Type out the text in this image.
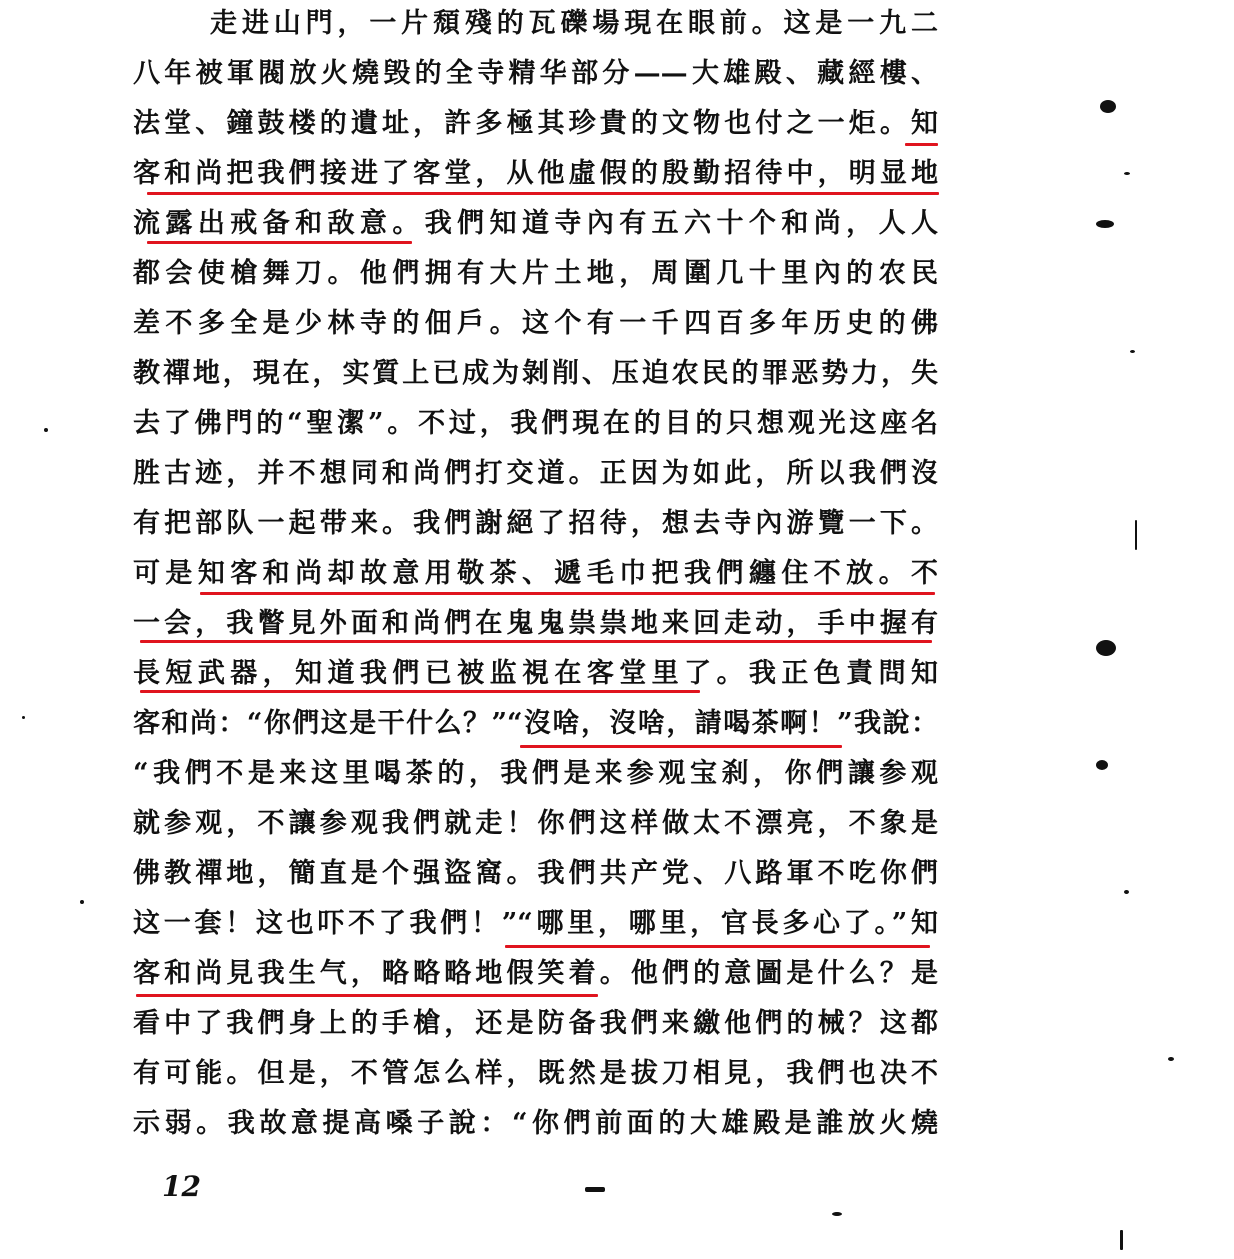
走进山門，一片頹殘的瓦礫場現在眼前。这是一九二
八年被軍閥放火燒毁的全寺精华部分——大雄殿、藏經樓、
法堂、鐘鼓楼的遺址，許多極其珍貴的文物也付之一炬。知
客和尚把我們接进了客堂，从他虛假的殷勤招待中，明显地
流露出戒备和敌意。我們知道寺內有五六十个和尚，人人
都会使槍舞刀。他們拥有大片土地，周圍几十里內的农民
差不多全是少林寺的佃戶。这个有一千四百多年历史的佛
教禪地，現在，实質上已成为剝削、压迫农民的罪恶势力，失
去了佛門的“聖潔”。不过，我們現在的目的只想观光这座名
胜古迹，并不想同和尚們打交道。正因为如此，所以我們沒
有把部队一起带来。我們謝絕了招待，想去寺內游覽一下。
可是知客和尚却故意用敬茶、遞毛巾把我們纏住不放。不
一会，我瞥見外面和尚們在鬼鬼祟祟地来回走动，手中握有
長短武器，知道我們已被监視在客堂里了。我正色責問知
客和尚：“你們这是干什么？”“沒啥，沒啥，請喝茶啊！”我說：
“我們不是来这里喝茶的，我們是来参观宝刹，你們讓参观
就参观，不讓参观我們就走！你們这样做太不漂亮，不象是
佛教禪地，簡直是个强盜窩。我們共产党、八路軍不吃你們
这一套！这也吓不了我們！”“哪里，哪里，官長多心了。”知
客和尚見我生气，略略略地假笑着。他們的意圖是什么？是
看中了我們身上的手槍，还是防备我們来繳他們的械？这都
有可能。但是，不管怎么样，既然是拔刀相見，我們也决不
示弱。我故意提高嗓子說：“你們前面的大雄殿是誰放火燒
12
